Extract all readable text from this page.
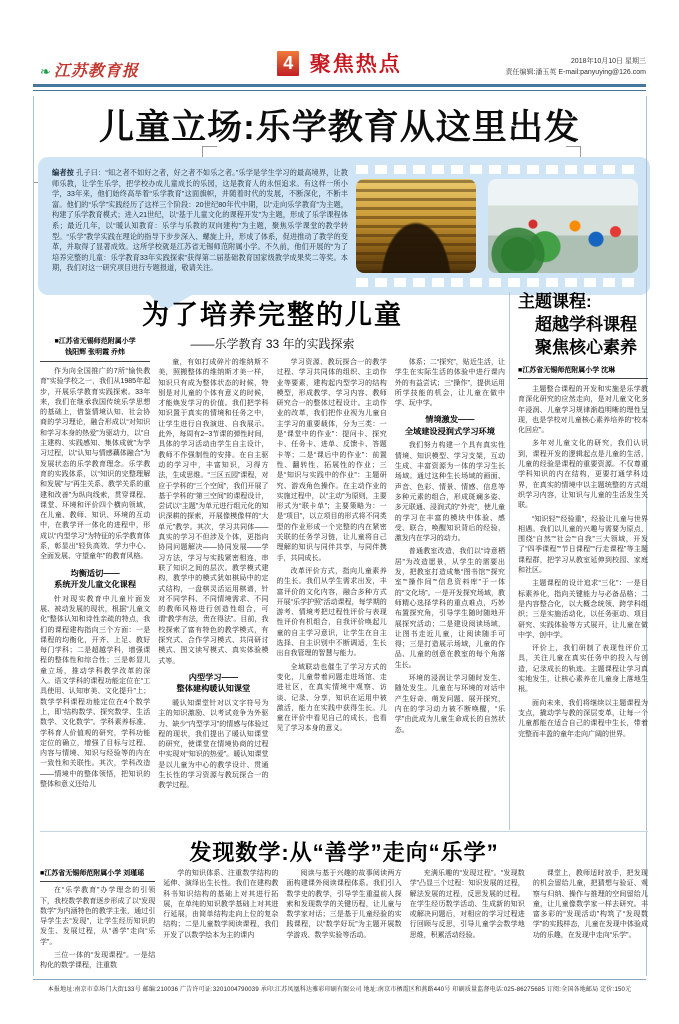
❧ 江苏教育报	4 聚焦热点	2018年10月10日 星期三
责任编辑:潘玉英 E-mail:panyuying@126.com
儿童立场:乐学教育从这里出发
编者按 孔子曰：“知之者不如好之者，好之者不如乐之者。”乐学是学生学习的最高境界，让教师乐教，让学生乐学，把学校办成儿童成长的乐园，这是教育人的永恒追求。有这样一所小学，33年来，他们始终高举着“乐学教育”这面旗帜，并随着时代的发展，不断深化，不断丰富。他们的“乐学”实践经历了这样三个阶段：20世纪80年代中期，以“走向乐学教育”为主题，构建了乐学教育模式；进入21世纪，以“基于儿童文化的课程开发”为主题，形成了乐学课程体系；最近几年，以“暖认知教育：乐学与乐教的双向建构”为主题，聚焦乐学课堂的教学转型。“乐学”教学实践在理论的指导下步步深入、螺旋上升，形成了体系，促进推动了教学的变革，并取得了显著成效。这所学校就是江苏省无锡师范附属小学。不久前，他们开展的“为了培养完整的儿童：乐学教育33年实践探索”获得第二届基础教育国家级教学成果奖二等奖。本期，我们对这一研究项目进行专题报道，敬请关注。
为了培养完整的儿童
——乐学教育 33 年的实践探索
■江苏省无锡师范附属小学
钱阳辉 张明霞 乔炜

作为向全国推广的7所“愉快教育”实验学校之一，我们从1985年起步，开展乐学教育实践探索。33年来，我们在继承我国传统乐学思想的基础上，借鉴情境认知、社会协商的学习理论，融合形成以“对知识和学习本身的热爱”为驱动力，以“自主建构、实践感知、集体成就”为学习过程，以“认知与情感藕体融合”为发展状态的乐学教育理念。乐学教育的实践体系，以“知识的完整理解和发展”与“再生关系、教学关系的重建和改善”为纵向线索，贯穿课程、课堂、环境和评价四个横向领域，在儿童、教师、知识、环境的互动中，在教学评一体化的进程中，形成以“内型学习”为特征的乐学教育体系，彰显出“轻负高效、学力中心、全面发展、守望童年”的教育风格。

均衡适切——
系统开发儿童文化课程

针对现实教育中儿童片面发展、被动发展的现状，根据“儿童文化”整体认知和诗性亲疏的特点，我们的课程建构指向三个方面：一是课程的均衡化，开齐、上足、教好每门学科；二是超越学科，增强课程的整体性和综合性；三是彰显儿童立场，推动学科教学改革的深入。语文学科的课程功能定位在“工具使用、认知审美、文化提升”上；数学学科课程功能定位在4个数学上，即“结构数学、探究数学、生活数学、文化数学”。学科素养标准、学科育人价值观的研究，学科功能定位的确立，增强了目标与过程、内容与情境、知识与经验等的内在一致性和关联性。其次，学科改造——情境中的整体领悟，把知识的整体和意义还给儿

童，有如打成碎片的维纳斯不美，照搬整体的维纳斯才美一样，知识只有成为整体状态的时候，特别是对儿童的个体有意义的时候，才能焕发学习的价值。我们把学科知识置于真实的情境和任务之中，让学生进行自我演进、自我展示。此外，每周有2~3节课的弹性时间，具体的学习活动由学生自主设计，教师不作强制性的安排。在自主驱动的学习中，丰富知识，习得方法，生成思维。“三区五园”课程，对应于学科的“三个空间”，我们开展了基于学科的“第三空间”的课程设计，尝试以“主题”为单元进行组元化的知识深耕的探索，开展像模像样的“大单元”教学。其次，学习共同体——真实的学习不但涉及个体，更指向协同问题解决——协同发展——学习方法，学习与实践紧密相连，串联了知识之间的层次。教学模式建构，教学中的模式犹如棋局中的定式结构，一盘棋灵活运用棋谱，针对不同学科、不同情境需求、不同的教师风格进行创造性组合，可谓“教学有法，贵在得法”。目前，我校探索了富有特色的教学模式，有探究式、合作学习模式、共同研讨模式、图文读写模式、真实体验模式等。

内型学习——
整体建构暖认知课堂

暖认知课堂针对以文字符号为主的知识激励、以考试竞争为外驱力、缺少“内型学习”的情感与体验过程的现状，我们提出了暖认知课堂的研究，使课堂在情境协商的过程中实现对“知识的热爱”。暖认知课堂是以儿童为中心的教学设计、贯通生长性的学习资源与教玩探合一的教学过程。

学习资源、教玩探合一的教学过程、学习共同体的组织、主动作业等要素，建构起内型学习的结构模型，形成教学、学习内容、教师研究合一的整体过程设计。主动作业的改革，我们把作业视为儿童自主学习的重要载体，分为三类：一是“课堂中的作业”：提问卡、探究卡、任务卡、进单、反馈卡、答题卡等；二是“课后中的作业”：前置性、翻转性、拓展性的作业；三是“知识与实践中的作业”：主题研究、游戏角色操作。在主动作业的实施过程中，以“主动”为原则，主要形式为“联卡单”；主要策略为：一是“项目”，以立项目的形式将不同类型的作业形成一个完整的内在紧密关联的任务学习链，让儿童将自己理解的知识与同伴共享，与同伴携手，共同成长。

改革评价方式，指向儿童素养的生长。我们从学生需求出发，丰富评价的文化内容，融合多种方式开展“乐学护照”活动课程，每学期的游考、情境考把过程性评价与表现性评价有机组合，自我评价唤起儿童的自主学习意识，让学生在自主选择、自主识别中不断调适，生长出自我管理的智慧与能力。

全域联动也催生了学习方式的变化，儿童带着问题走进场馆、走进社区，在真实情境中观察、访谈、记录、分享，知识在运用中被激活，能力在实践中获得生长。儿童在评价中看见自己的成长，也看见了学习本身的意义。

体系；二“探究”，贴近生活，让学生在实际生活的体验中进行课内外的有益尝试；三“操作”，提供运用所学技能的机会，让儿童在做中学、玩中学。

情境激发——
全域建设浸润式学习环境

我们努力构建一个具有真实性情境、知识模型、学习支架，互动生成、丰富资源为一体的学习生长场域。通过这种生长场域的画面、声音、色彩、情景、情感、信息等多种元素的组合，形成斑斓多姿、多元联通、浸润式的“外壳”，使儿童的学习在丰富的模块中体验、感受、联合，唤醒知识背后的经验，激发内在学习的动力。

普通教室改造，我们以“诗意栖居”为改造愿景，从学生的需要出发，把教室打造成集“图书馆”“探究室”“操作间”“信息资料库”于一体的“文化场”。一是开发探究场域，教师精心选择学科的重点难点，巧妙布置探究角，引导学生随时随地开展探究活动；二是建设阅读场域，让图书走近儿童，让阅读随手可得；三是打造展示场域，儿童的作品、儿童的创意在教室的每个角落生长。

环境的浸润让学习随时发生、随处发生。儿童在与环境的对话中产生好奇、萌发问题、展开探究，内在的学习动力被不断唤醒，“乐学”由此成为儿童生命成长的自然状态。

主题课程:
超越学科课程
聚焦核心素养
■江苏省无锡师范附属小学 沈琳

主题整合课程的开发和实施是乐学教育深化研究的应然走向，是对儿童文化多年浸润、儿童学习规律渐趋明晰的理性呈现，也是学校对儿童核心素养培养的“校本化回应”。

多年对儿童文化的研究，我们认识到，课程开发的逻辑起点是儿童的生活，儿童的经验是课程的重要资源。不仅尊重学科知识的内在结构，更要打通学科边界，在真实的情境中以主题统整的方式组织学习内容，让知识与儿童的生活发生关联。

“知识轻”“经验重”，经验让儿童与世界相遇。我们以儿童的兴趣与需要为原点，围绕“自然”“社会”“自我”三大领域，开发了“四季课程”“节日课程”“行走课程”等主题课程群，把学习从教室延伸到校园、家庭和社区。

主题课程的设计追求“三化”：一是目标素养化，指向关键能力与必备品格；二是内容整合化，以大概念统领、跨学科组织；三是实施活动化，以任务驱动、项目研究、实践体验等方式展开，让儿童在做中学、创中学。

评价上，我们研制了表现性评价工具，关注儿童在真实任务中的投入与创造，记录成长的轨迹。主题课程让学习真实地发生，让核心素养在儿童身上落地生根。

面向未来，我们将继续以主题课程为支点，撬动学与教的深层变革，让每一个儿童都能在适合自己的课程中生长，带着完整而丰盈的童年走向广阔的世界。

发现数学:从“善学”走向“乐学”
■江苏省无锡师范附属小学 刘瑾瑶

在“乐学教育”办学理念的引领下，我校数学教育逐步形成了以“发现数学”为内涵特色的教学主张，通过引导学生去“发现”，让学生经历知识的发生、发展过程，从“善学”走向“乐学”。

三位一体的“发现课程”。一是结构化的数学课程，注重数

学的知识体系、注重数学结构的延伸、演绎出生长性。我们在建构教科书知识结构的基础上对其进行拓展，在单纯的知识教学基础上对其进行延展，由简单结构走向上位的复杂结构；二是儿童数学阅读课程，我们开发了以数学绘本为主的课内

阅读与基于兴趣的故事阅读两方面构建课外阅读课程体系。我们引入数学史的教学，引导学生重温前人探索和发现数学的关键历程，让儿童与数学家对话；三是基于儿童经验的实践课程，以“数学好玩”为主题开展数学游戏、数学实验等活动。

充满乐趣的“发现过程”。“发现数学”凸显三个过程：知识发展的过程，解法发展的过程，反思发展的过程。在学生经历数学活动、生成新的知识或解决问题后，对相应的学习过程进行回顾与反思，引导儿童学会数学地思维，积累活动经验。

课堂上，教师适时放手，把发现的机会留给儿童，把猜想与验证、观察与归纳、操作与推理的空间留给儿童，让儿童像数学家一样去研究。丰富多彩的“发现活动”构筑了“发现数学”的实践样态，儿童在发现中体验成功的乐趣，在发现中走向“乐学”。

本报地址:南京市草场门大街133号 邮编:210036 广告许可证:3201004790039 承印:江苏凤凰科达雅彩印刷有限公司 地址:南京市栖霞区和燕路440号 印刷质量监督电话:025-86275685 订阅:全国各地邮局 定价:150元
